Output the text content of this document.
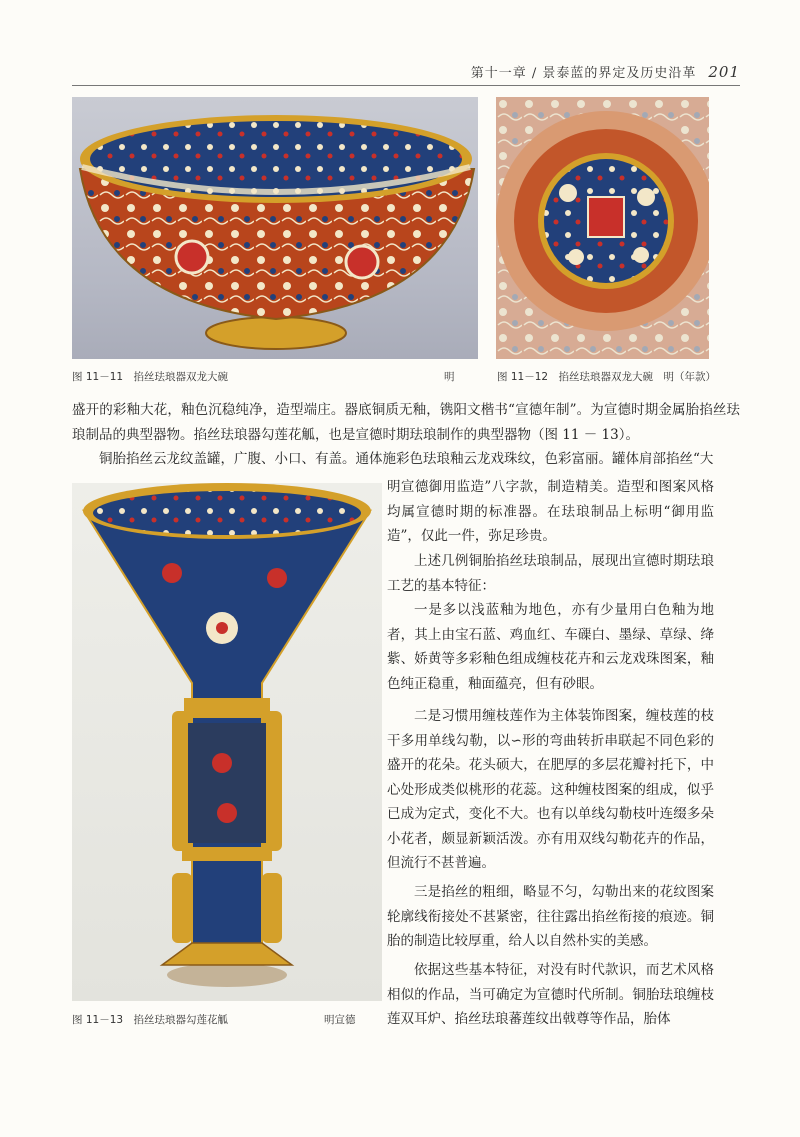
第十一章 / 景泰蓝的界定及历史沿革 201
图 11－11　掐丝珐琅器双龙大碗	明	图 11－12　掐丝珐琅器双龙大碗　明（年款）
图 11－13　掐丝珐琅器勾莲花觚	明宣德

盛开的彩釉大花，釉色沉稳纯净，造型端庄。器底铜质无釉，镌阳文楷书“宣德年制”。为宣德时期金属胎掐丝珐琅制品的典型器物。掐丝珐琅器勾莲花觚，也是宣德时期珐琅制作的典型器物（图 11 － 13）。

铜胎掐丝云龙纹盖罐，广腹、小口、有盖。通体施彩色珐琅釉云龙戏珠纹，色彩富丽。罐体肩部掐丝“大

明宣德御用监造”八字款，制造精美。造型和图案风格均属宣德时期的标准器。在珐琅制品上标明“御用监造”，仅此一件，弥足珍贵。

上述几例铜胎掐丝珐琅制品，展现出宣德时期珐琅工艺的基本特征：

一是多以浅蓝釉为地色，亦有少量用白色釉为地者，其上由宝石蓝、鸡血红、车磲白、墨绿、草绿、绛紫、娇黄等多彩釉色组成缠枝花卉和云龙戏珠图案，釉色纯正稳重，釉面蕴亮，但有砂眼。

二是习惯用缠枝莲作为主体装饰图案，缠枝莲的枝干多用单线勾勒，以∽形的弯曲转折串联起不同色彩的盛开的花朵。花头硕大，在肥厚的多层花瓣衬托下，中心处形成类似桃形的花蕊。这种缠枝图案的组成，似乎已成为定式，变化不大。也有以单线勾勒枝叶连缀多朵小花者，颇显新颖活泼。亦有用双线勾勒花卉的作品，但流行不甚普遍。

三是掐丝的粗细，略显不匀，勾勒出来的花纹图案轮廓线衔接处不甚紧密，往往露出掐丝衔接的痕迹。铜胎的制造比较厚重，给人以自然朴实的美感。

依据这些基本特征，对没有时代款识，而艺术风格相似的作品，当可确定为宣德时代所制。铜胎珐琅缠枝莲双耳炉、掐丝珐琅蕃莲纹出戟尊等作品，胎体
